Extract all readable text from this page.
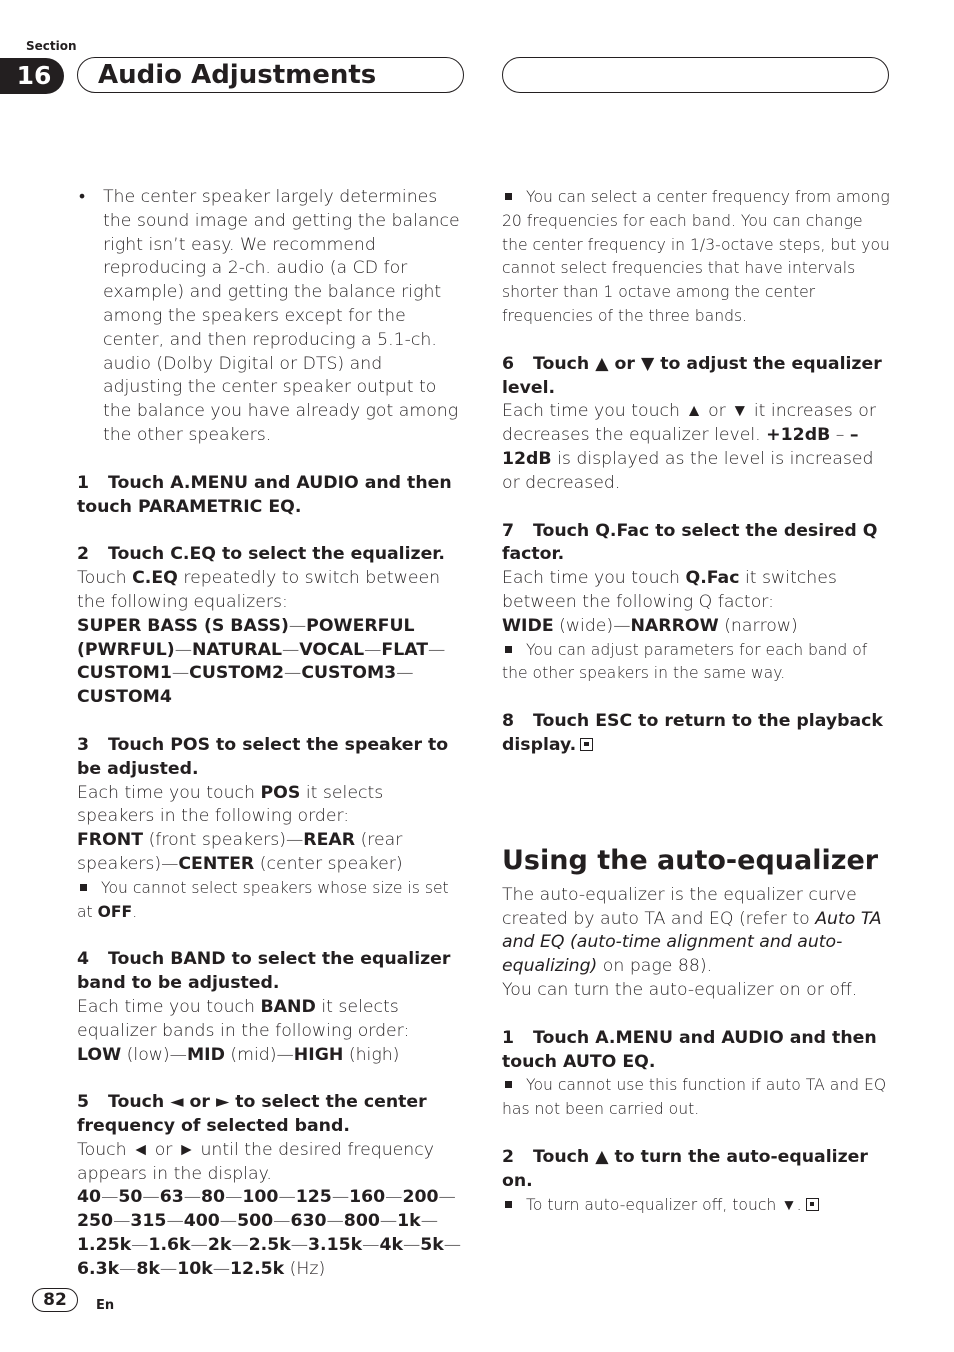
Section
16	Audio Adjustments

• The center speaker largely determines the sound image and getting the balance right isn’t easy. We recommend reproducing a 2-ch. audio (a CD for example) and getting the balance right among the speakers except for the center, and then reproducing a 5.1-ch. audio (Dolby Digital or DTS) and adjusting the center speaker output to the balance you have already got among the other speakers.

1 Touch A.MENU and AUDIO and then touch PARAMETRIC EQ.

2 Touch C.EQ to select the equalizer.

Touch C.EQ repeatedly to switch between the following equalizers:

SUPER BASS (S BASS)—POWERFUL (PWRFUL)—NATURAL—VOCAL—FLAT—CUSTOM1—CUSTOM2—CUSTOM3—CUSTOM4

3 Touch POS to select the speaker to be adjusted.

Each time you touch POS it selects speakers in the following order:

FRONT (front speakers)—REAR (rear speakers)—CENTER (center speaker)

You cannot select speakers whose size is set at OFF.

4 Touch BAND to select the equalizer band to be adjusted.

Each time you touch BAND it selects equalizer bands in the following order:

LOW (low)—MID (mid)—HIGH (high)

5 Touch ◄ or ► to select the center frequency of selected band.

Touch ◄ or ► until the desired frequency appears in the display.

40—50—63—80—100—125—160—200—250—315—400—500—630—800—1k—1.25k—1.6k—2k—2.5k—3.15k—4k—5k—6.3k—8k—10k—12.5k (Hz)

You can select a center frequency from among 20 frequencies for each band. You can change the center frequency in 1/3-octave steps, but you cannot select frequencies that have intervals shorter than 1 octave among the center frequencies of the three bands.

6 Touch ▲ or ▼ to adjust the equalizer level.

Each time you touch ▲ or ▼ it increases or decreases the equalizer level. +12dB – –12dB is displayed as the level is increased or decreased.

7 Touch Q.Fac to select the desired Q factor.

Each time you touch Q.Fac it switches between the following Q factor:

WIDE (wide)—NARROW (narrow)

You can adjust parameters for each band of the other speakers in the same way.

8 Touch ESC to return to the playback display.

Using the auto-equalizer

The auto-equalizer is the equalizer curve created by auto TA and EQ (refer to Auto TA and EQ (auto-time alignment and auto-equalizing) on page 88).

You can turn the auto-equalizer on or off.

1 Touch A.MENU and AUDIO and then touch AUTO EQ.

You cannot use this function if auto TA and EQ has not been carried out.

2 Touch ▲ to turn the auto-equalizer on.

To turn auto-equalizer off, touch ▼.

82	En
